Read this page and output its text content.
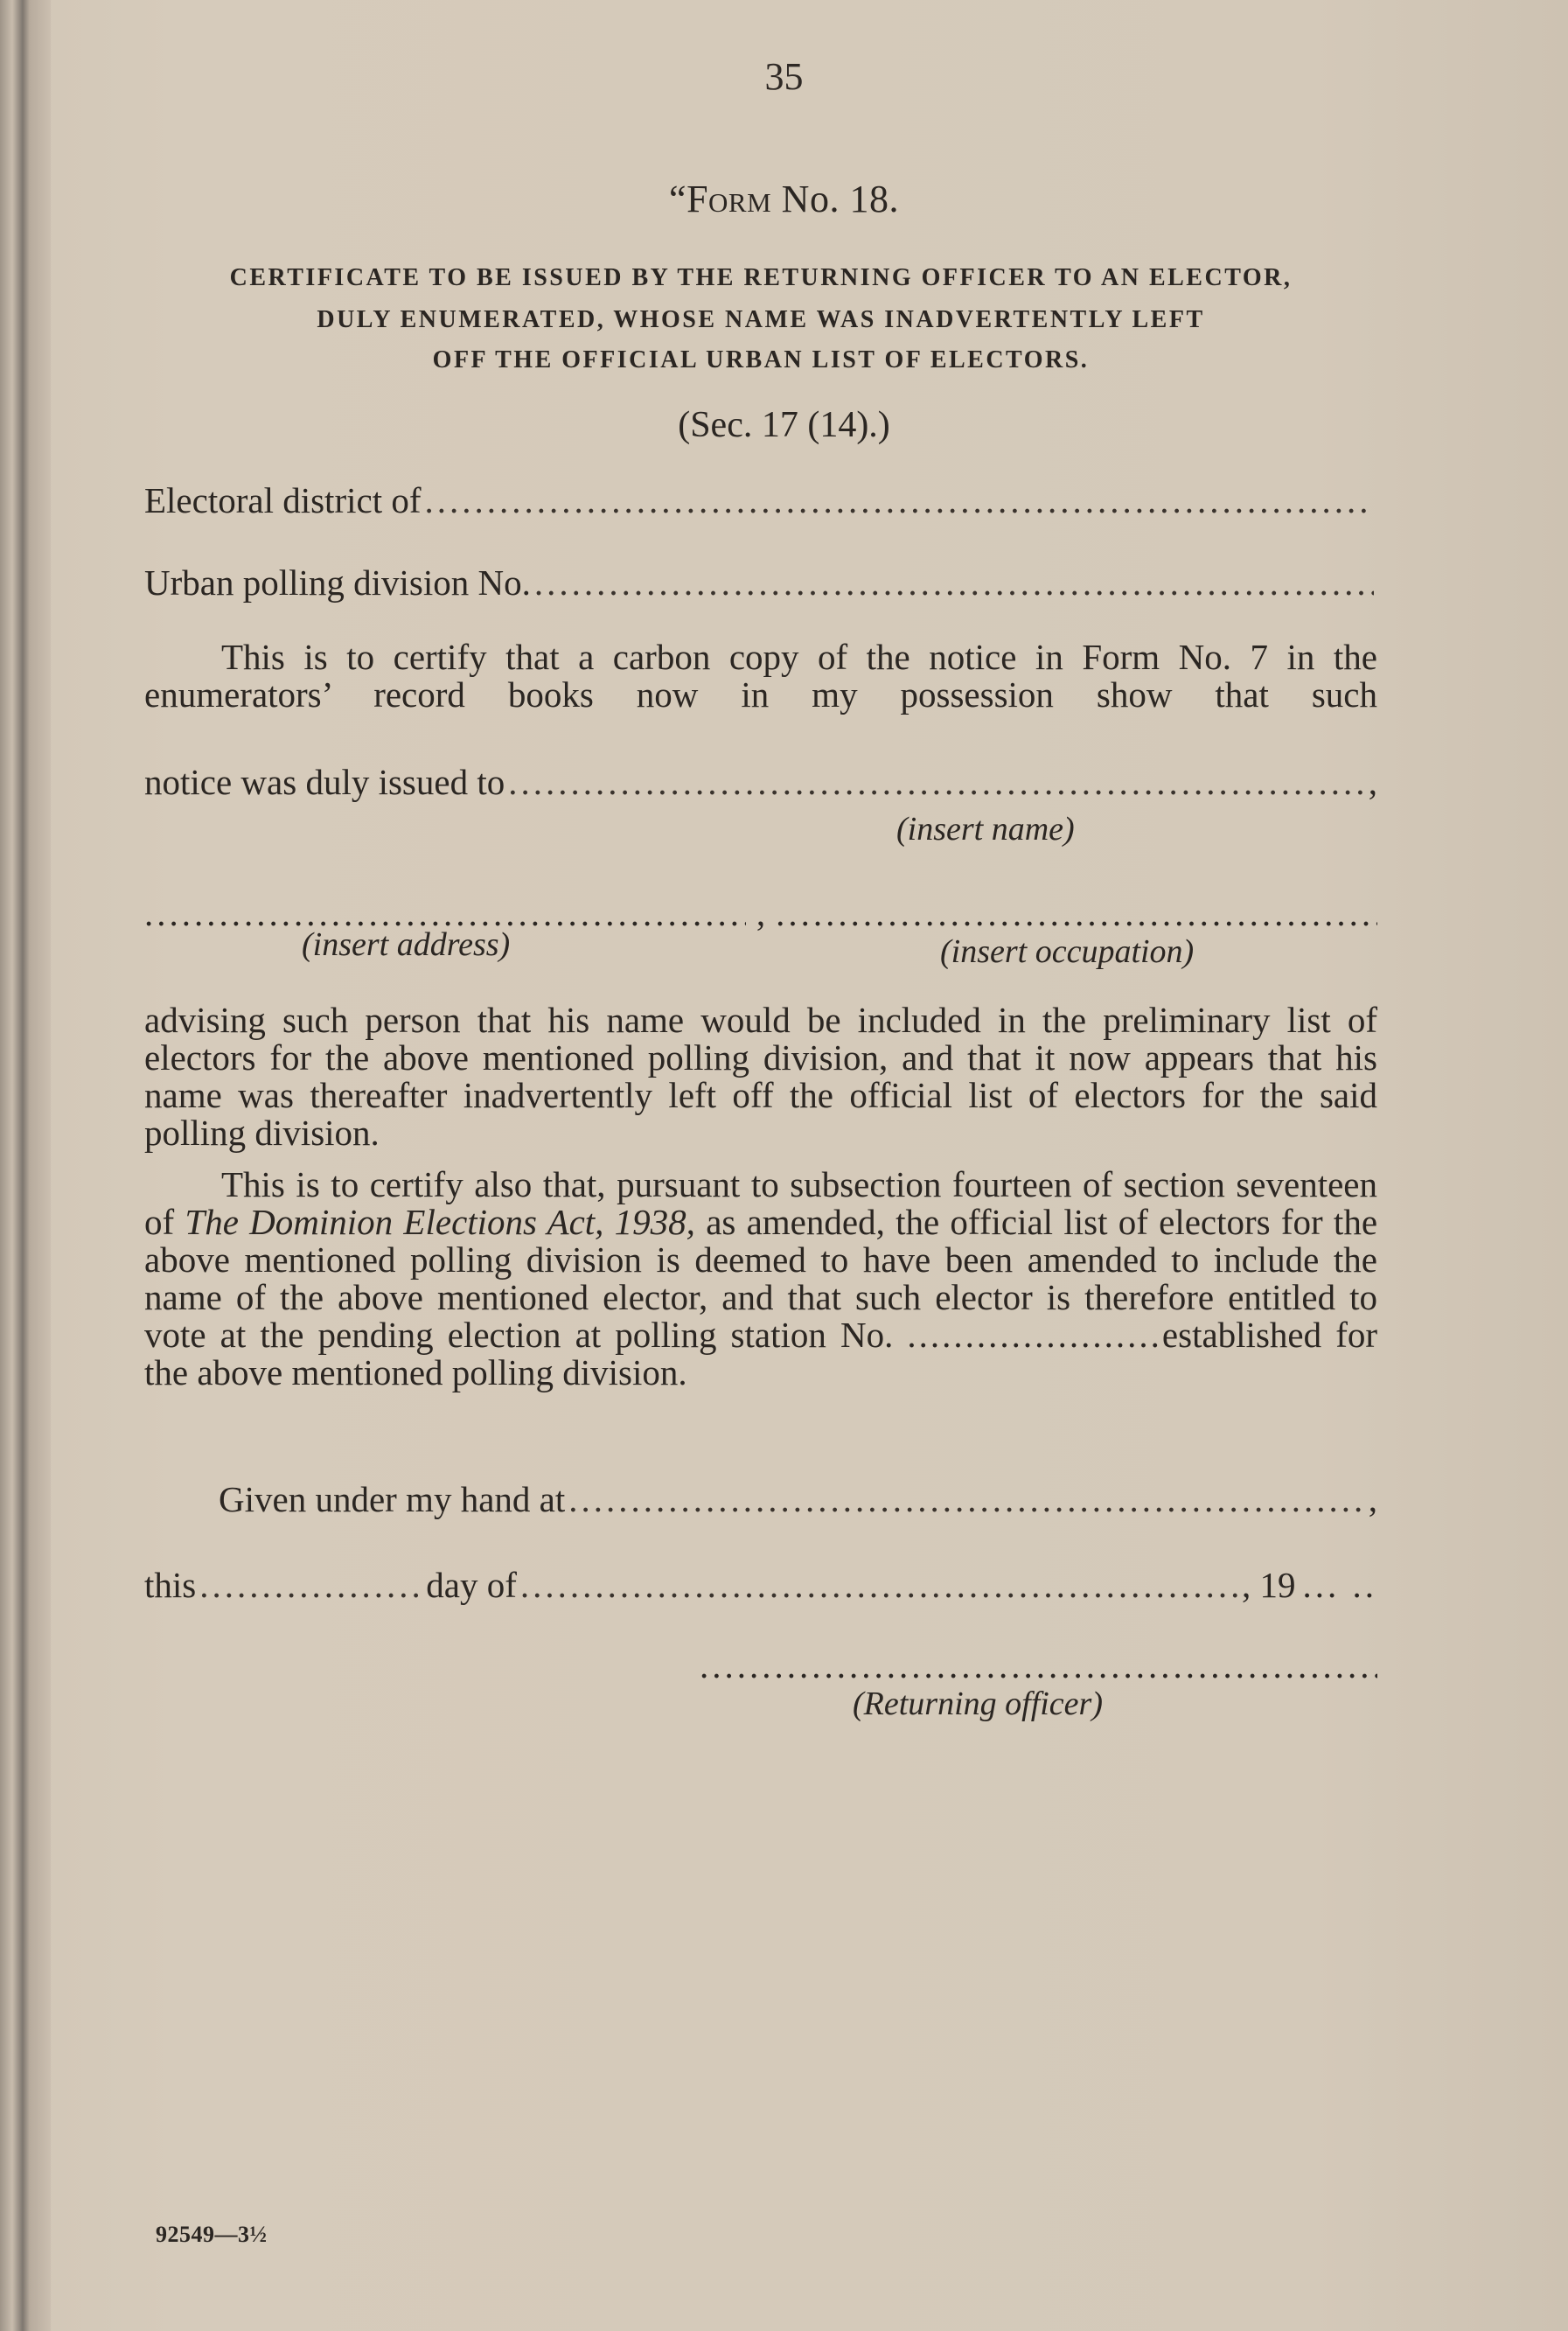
35

“Form No. 18.

CERTIFICATE TO BE ISSUED BY THE RETURNING OFFICER TO AN ELECTOR,

DULY ENUMERATED, WHOSE NAME WAS INADVERTENTLY LEFT

OFF THE OFFICIAL URBAN LIST OF ELECTORS.

(Sec. 17 (14).)

Electoral district of
.....
Urban polling division No.
.....

This is to certify that a carbon copy of the notice in Form No. 7 in the enumerators’ record books now in my possession show that such

notice was duly issued to .....	,

(insert name)

.....
,
.....

(insert address)	(insert occupation)

advising such person that his name would be included in the preliminary list of electors for the above mentioned polling division, and that it now appears that his name was thereafter inadvertently left off the official list of electors for the said polling division.

This is to certify also that, pursuant to subsection fourteen of section seventeen of The Dominion Elections Act, 1938, as amended, the official list of electors for the above mentioned polling division is deemed to have been amended to include the name of the above mentioned elector, and that such elector is therefore entitled to vote at the pending election at polling station No. ......................established for the above mentioned polling division.

Given under my hand at .....	,
this .....	day of .....	, 19 ... ..
.....

(Returning officer)

92549—3½
